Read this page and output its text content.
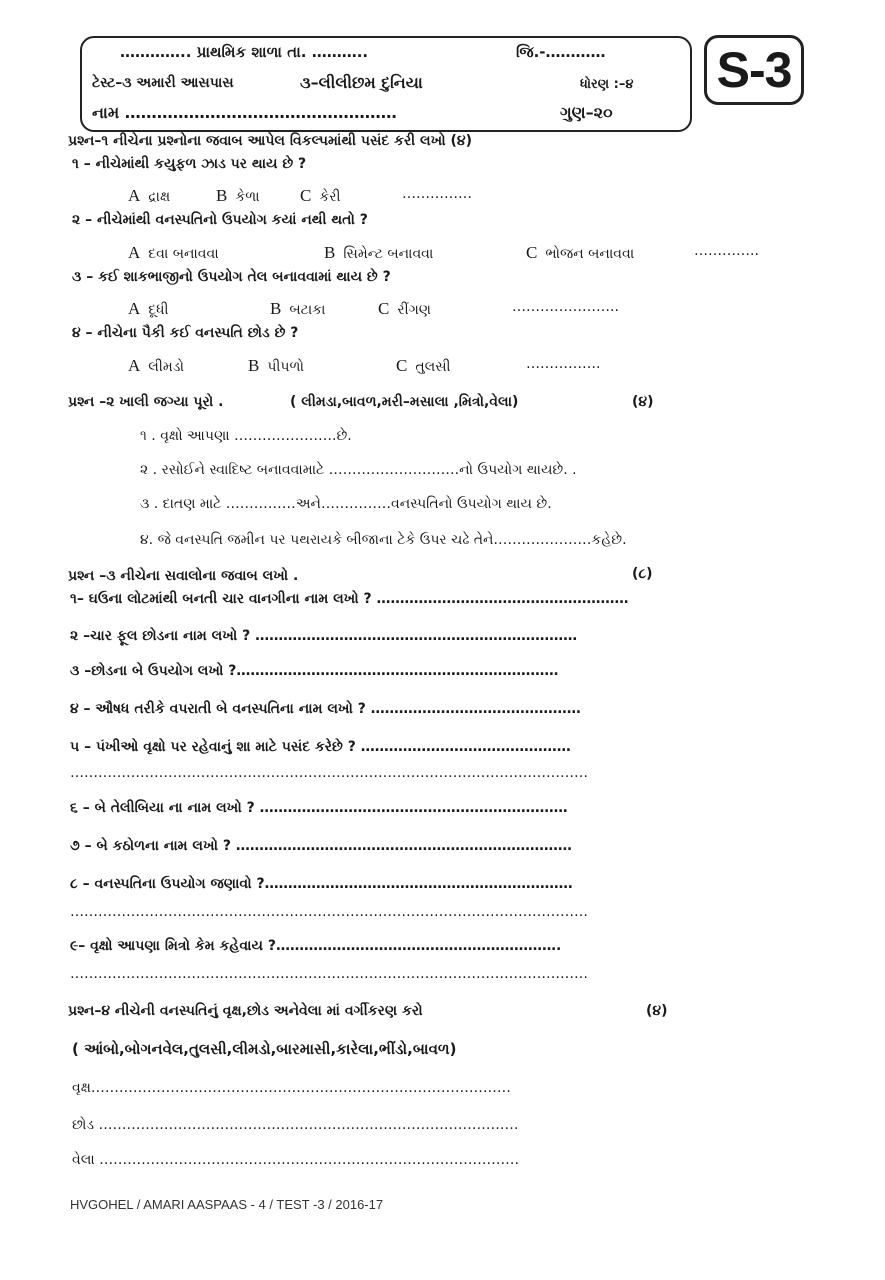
………….. પ્રાથમિક શાળા તા. ………..	જિ.-…………
ટેસ્ટ–૩ અમારી આસપાસ	૩–લીલીછમ દુનિયા	ધોરણ :–૪
નામ ……………………………………………	ગુણ–૨૦
S-3
પ્રશ્ન–૧ નીચેના પ્રશ્નોના જવાબ આપેલ વિકલ્પમાંથી પસંદ કરી લખો (૪)
૧ – નીચેમાંથી કયુફળ ઝાડ પર થાય છે ?
A દ્રાક્ષ	B કેળા C કેરી	……………
૨ – નીચેમાંથી વનસ્પતિનો ઉપયોગ કયાં નથી થતો ?
A દવા બનાવવા	B સિમેન્ટ બનાવવા	C ભોજન બનાવવા	…………..
૩ – કઈ શાકભાજીનો ઉપયોગ તેલ બનાવવામાં થાય છે ?
A દૂધી	B બટાકા	C રીંગણ	…………………..
૪ – નીચેના પૈકી કઈ વનસ્પતિ છોડ છે ?
A લીમડો	B પીપળો	C તુલસી	…………….
પ્રશ્ન –૨ ખાલી જગ્યા પૂરો .	( લીમડા,બાવળ,મરી–મસાલા ,મિત્રો,વેલા)	(૪)
૧ . વૃક્ષો આપણા ………………….છે.
૨ . રસોઈને સ્વાદિષ્ટ બનાવવામાટે ……………………….નો ઉપયોગ થાયછે. .
૩ . દાતણ માટે ……………અને……………વનસ્પતિનો ઉપયોગ થાય છે.
૪. જે વનસ્પતિ જમીન પર પથરાયકે બીજાના ટેકે ઉપર ચઢે તેને…………………કહેછે.
પ્રશ્ન –૩ નીચેના સવાલોના જવાબ લખો .	(૮)
૧– ઘઉના લોટમાંથી બનતી ચાર વાનગીના નામ લખો ? ………………………………………………
૨ –ચાર ફૂલ છોડના નામ લખો ? ……………………………………………………………
૩ –છોડના બે ઉપયોગ લખો ?……………………………………………………………
૪ – ઔષધ તરીકે વપરાતી બે વનસ્પતિના નામ લખો ? ………………………………………
૫ – પંખીઓ વૃક્ષો પર રહેવાનું શા માટે પસંદ કરેછે ? ………………………………………
…………………………………………………………………………………………………
૬ – બે તેલીબિયા ના નામ લખો ? …………………………………………………………
૭ – બે કઠોળના નામ લખો ? ………………………………………………………………
૮ – વનસ્પતિના ઉપયોગ જણાવો ?…………………………………………………………
…………………………………………………………………………………………………
૯– વૃક્ષો આપણા મિત્રો કેમ કહેવાય ?…………………………………………………….
…………………………………………………………………………………………………
પ્રશ્ન–૪ નીચેની વનસ્પતિનું વૃક્ષ,છોડ અનેવેલા માં વર્ગીકરણ કરો	(૪)
( આંબો,બોગનવેલ,તુલસી,લીમડો,બારમાસી,કારેલા,ભીંડો,બાવળ)
વૃક્ષ………………………………………………………………………………
છોડ ………………………………………………………………………………
વેલા ………………………………………………………………………………
HVGOHEL / AMARI AASPAAS - 4 / TEST -3 / 2016-17
